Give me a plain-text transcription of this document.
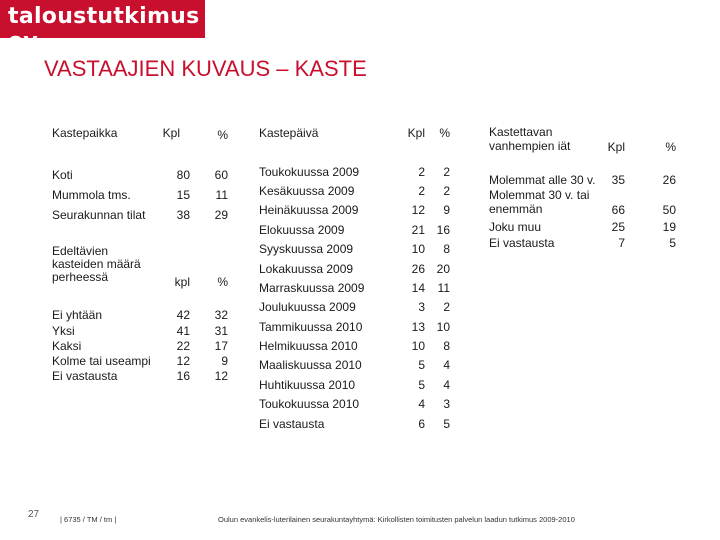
taloustutkimus oy
VASTAAJIEN KUVAUS – KASTE
Kastepaikka	Kpl	%
Koti	80	60
Mummola tms.	15	11
Seurakunnan tilat	38	29
Edeltävien kasteiden määrä perheessä	kpl	%
Ei yhtään	42	32
Yksi	41	31
Kaksi	22	17
Kolme tai useampi	12	9
Ei vastausta	16	12
Kastepäivä	Kpl	%
Toukokuussa 2009	2	2
Kesäkuussa 2009	2	2
Heinäkuussa 2009	12	9
Elokuussa 2009	21 16
Syyskuussa 2009	10	8
Lokakuussa 2009	26 20
Marraskuussa 2009	14	11
Joulukuussa 2009	3	2
Tammikuussa 2010	13 10
Helmikuussa 2010	10	8
Maaliskuussa 2010	5	4
Huhtikuussa 2010	5	4
Toukokuussa 2010	4	3
Ei vastausta	6	5
Kastettavan vanhempien iät	Kpl	%
Molemmat alle 30 v.	35	26
Molemmat 30 v. tai enemmän	66	50
Joku muu	25	19
Ei vastausta	7	5
27	| 6735 / TM / tm |	Oulun evankelis-luterilainen seurakuntayhtymä: Kirkollisten toimitusten palvelun laadun tutkimus 2009-2010
